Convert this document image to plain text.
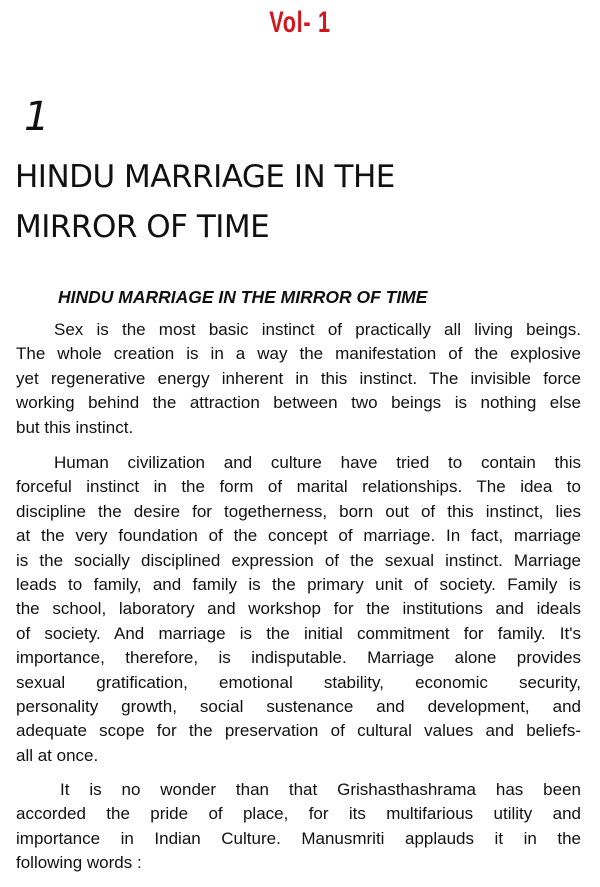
Vol- 1
1
HINDU MARRIAGE IN THE
MIRROR OF TIME
HINDU MARRIAGE IN THE MIRROR OF TIME
Sex is the most basic instinct of practically all living beings.
The whole creation is in a way the manifestation of the explosive
yet regenerative energy inherent in this instinct. The invisible force
working behind the attraction between two beings is nothing else
but this instinct.
Human civilization and culture have tried to contain this
forceful instinct in the form of marital relationships. The idea to
discipline the desire for togetherness, born out of this instinct, lies
at the very foundation of the concept of marriage. In fact, marriage
is the socially disciplined expression of the sexual instinct. Marriage
leads to family, and family is the primary unit of society. Family is
the school, laboratory and workshop for the institutions and ideals
of society. And marriage is the initial commitment for family. It's
importance, therefore, is indisputable. Marriage alone provides
sexual gratification, emotional stability, economic security,
personality growth, social sustenance and development, and
adequate scope for the preservation of cultural values and beliefs-
all at once.
It is no wonder than that Grishasthashrama has been
accorded the pride of place, for its multifarious utility and
importance in Indian Culture. Manusmriti applauds it in the
following words :
